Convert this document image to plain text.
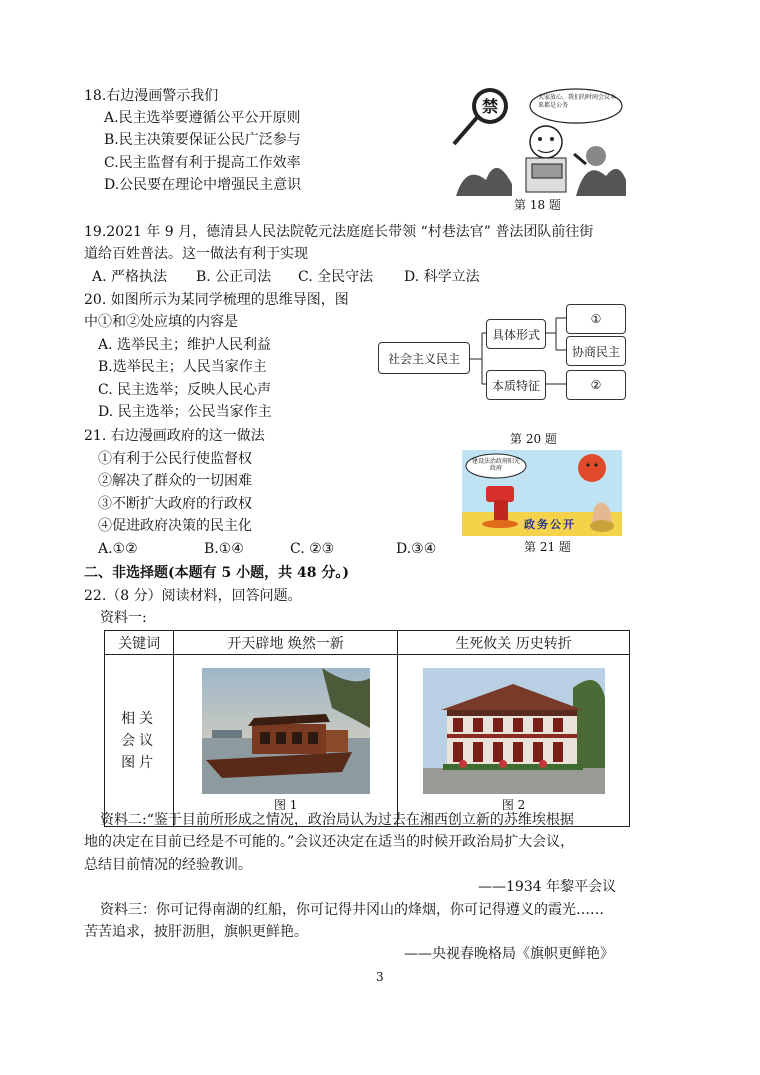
18.右边漫画警示我们
A.民主选举要遵循公平公开原则
B.民主决策要保证公民广泛参与
C.民主监督有利于提高工作效率
D.公民要在理论中增强民主意识
禁	大家放心，我们的时间会议本来都是公务
第 18 题
19.2021 年 9 月，德清县人民法院乾元法庭庭长带领 “村巷法官” 普法团队前往街
道给百姓普法。这一做法有利于实现
A. 严格执法 B. 公正司法 C. 全民守法 D. 科学立法
20. 如图所示为某同学梳理的思维导图，图
中①和②处应填的内容是
A. 选举民主；维护人民利益
B.选举民主；人民当家作主
C. 民主选举；反映人民心声
D. 民主选举；公民当家作主
社会主义民主
具体形式
本质特征
①
协商民主
②
第 20 题
21. 右边漫画政府的这一做法
①有利于公民行使监督权
②解决了群众的一切困难
③不断扩大政府的行政权
④促进政府决策的民主化
A.①②	B.①④	C. ②③	D.③④
建设法治政府阳光政府
政务公开
第 21 题
二、非选择题(本题有 5 小题，共 48 分。)
22.（8 分）阅读材料，回答问题。
资料一:
关键词	开天辟地 焕然一新	生死攸关 历史转折
相关会议图片	图 1	图 2
资料二:“鉴于目前所形成之情况，政治局认为过去在湘西创立新的苏维埃根据
地的决定在目前已经是不可能的。”会议还决定在适当的时候开政治局扩大会议，
总结目前情况的经验教训。
——1934 年黎平会议
资料三：你可记得南湖的红船，你可记得井冈山的烽烟，你可记得遵义的霞光……
苦苦追求，披肝沥胆，旗帜更鲜艳。
——央视春晚格局《旗帜更鲜艳》
3
